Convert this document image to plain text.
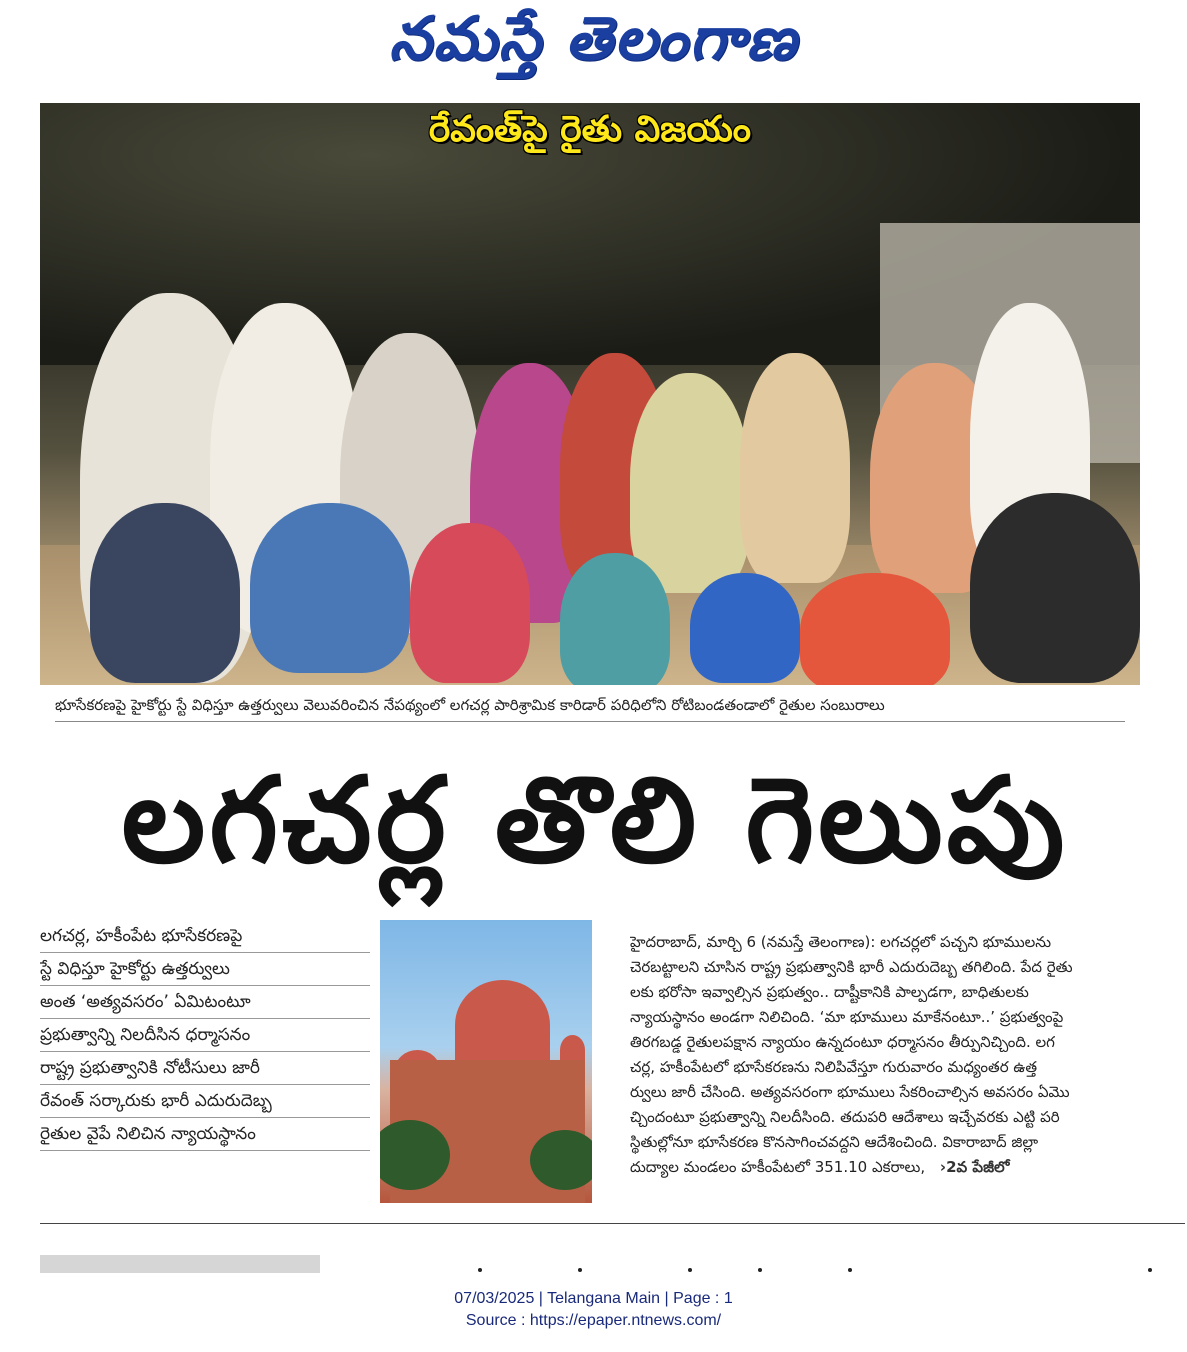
నమస్తే తెలంగాణ
రేవంత్‌పై రైతు విజయం
భూసేకరణపై హైకోర్టు స్టే విధిస్తూ ఉత్తర్వులు వెలువరించిన నేపథ్యంలో లగచర్ల పారిశ్రామిక కారిడార్ పరిధిలోని రోటిబండతండాలో రైతుల సంబురాలు
లగచర్ల తొలి గెలుపు
లగచర్ల, హకీంపేట భూసేకరణపై
స్టే విధిస్తూ హైకోర్టు ఉత్తర్వులు
అంత ‘అత్యవసరం’ ఏమిటంటూ
ప్రభుత్వాన్ని నిలదీసిన ధర్మాసనం
రాష్ట్ర ప్రభుత్వానికి నోటీసులు జారీ
రేవంత్ సర్కారుకు భారీ ఎదురుదెబ్బ
రైతుల వైపే నిలిచిన న్యాయస్థానం
హైదరాబాద్, మార్చి 6 (నమస్తే తెలంగాణ): లగచర్లలో పచ్చని భూములను
చెరబట్టాలని చూసిన రాష్ట్ర ప్రభుత్వానికి భారీ ఎదురుదెబ్బ తగిలింది. పేద రైతు
లకు భరోసా ఇవ్వాల్సిన ప్రభుత్వం.. దాష్టీకానికి పాల్పడగా, బాధితులకు
న్యాయస్థానం అండగా నిలిచింది. ‘మా భూములు మాకేనంటూ..’ ప్రభుత్వంపై
తిరగబడ్డ రైతులపక్షాన న్యాయం ఉన్నదంటూ ధర్మాసనం తీర్పునిచ్చింది. లగ
చర్ల, హకీంపేటలో భూసేకరణను నిలిపివేస్తూ గురువారం మధ్యంతర ఉత్త
ర్వులు జారీ చేసింది. అత్యవసరంగా భూములు సేకరించాల్సిన అవసరం ఏమొ
చ్చిందంటూ ప్రభుత్వాన్ని నిలదీసింది. తదుపరి ఆదేశాలు ఇచ్చేవరకు ఎట్టి పరి
స్థితుల్లోనూ భూసేకరణ కొనసాగించవద్దని ఆదేశించింది. వికారాబాద్ జిల్లా
దుద్యాల మండలం హకీంపేటలో 351.10 ఎకరాలు, ›2వ పేజీలో
07/03/2025 | Telangana Main | Page : 1
Source : https://epaper.ntnews.com/
